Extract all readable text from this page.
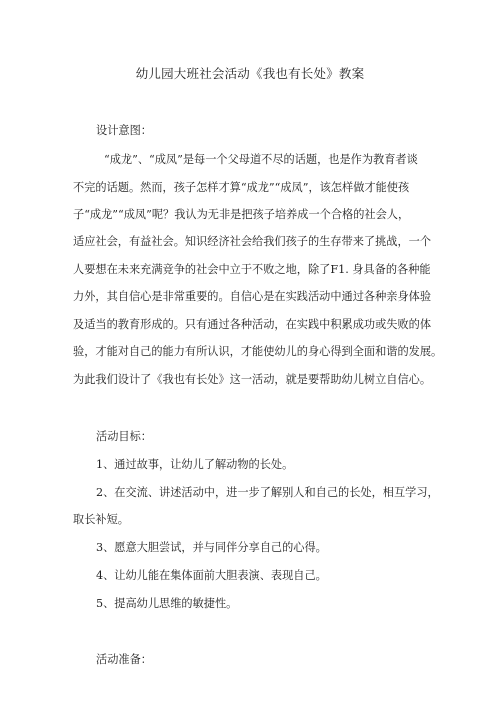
幼儿园大班社会活动《我也有长处》教案
设计意图：
“成龙”、“成凤”是每一个父母道不尽的话题，也是作为教育者谈
不完的话题。然而，孩子怎样才算“成龙”“成凤”，该怎样做才能使孩
子“成龙”“成凤”呢？我认为无非是把孩子培养成一个合格的社会人，
适应社会，有益社会。知识经济社会给我们孩子的生存带来了挑战，一个
人要想在未来充满竞争的社会中立于不败之地，除了F1. 身具备的各种能
力外，其自信心是非常重要的。自信心是在实践活动中通过各种亲身体验
及适当的教育形成的。只有通过各种活动，在实践中积累成功或失败的体
验，才能对自己的能力有所认识，才能使幼儿的身心得到全面和谐的发展。
为此我们设计了《我也有长处》这一活动，就是要帮助幼儿树立自信心。
活动目标：
1、通过故事，让幼儿了解动物的长处。
2、在交流、讲述活动中，进一步了解别人和自己的长处，相互学习，
取长补短。
3、愿意大胆尝试，并与同伴分享自己的心得。
4、让幼儿能在集体面前大胆表演、表现自己。
5、提高幼儿思维的敏捷性。
活动准备：
